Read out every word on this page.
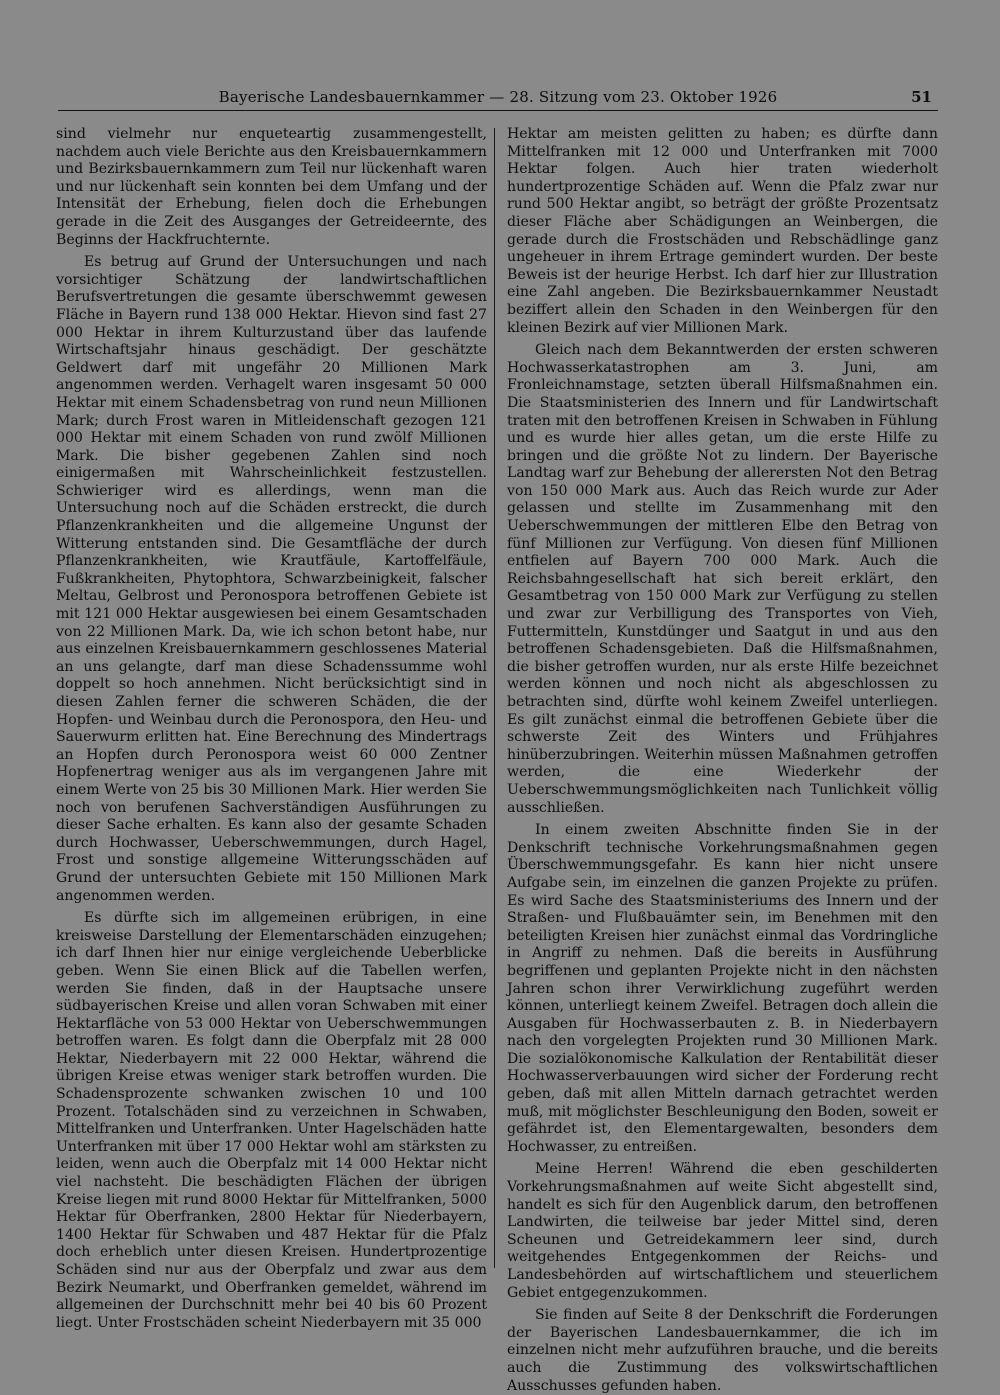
Bayerische Landesbauernkammer — 28. Sitzung vom 23. Oktober 1926	51

sind vielmehr nur enqueteartig zusammengestellt, nachdem auch viele Berichte aus den Kreisbauernkammern und Bezirksbauernkammern zum Teil nur lückenhaft waren und nur lückenhaft sein konnten bei dem Umfang und der Intensität der Erhebung, fielen doch die Erhebungen gerade in die Zeit des Ausganges der Getreideernte, des Beginns der Hackfruchternte.

Es betrug auf Grund der Untersuchungen und nach vorsichtiger Schätzung der landwirtschaftlichen Berufsvertretungen die gesamte überschwemmt gewesen Fläche in Bayern rund 138 000 Hektar. Hievon sind fast 27 000 Hektar in ihrem Kulturzustand über das laufende Wirtschaftsjahr hinaus geschädigt. Der geschätzte Geldwert darf mit ungefähr 20 Millionen Mark angenommen werden. Verhagelt waren insgesamt 50 000 Hektar mit einem Schadensbetrag von rund neun Millionen Mark; durch Frost waren in Mitleidenschaft gezogen 121 000 Hektar mit einem Schaden von rund zwölf Millionen Mark. Die bisher gegebenen Zahlen sind noch einigermaßen mit Wahrscheinlichkeit festzustellen. Schwieriger wird es allerdings, wenn man die Untersuchung noch auf die Schäden erstreckt, die durch Pflanzenkrankheiten und die allgemeine Ungunst der Witterung entstanden sind. Die Gesamtfläche der durch Pflanzenkrankheiten, wie Krautfäule, Kartoffelfäule, Fußkrankheiten, Phytophtora, Schwarzbeinigkeit, falscher Meltau, Gelbrost und Peronospora betroffenen Gebiete ist mit 121 000 Hektar ausgewiesen bei einem Gesamtschaden von 22 Millionen Mark. Da, wie ich schon betont habe, nur aus einzelnen Kreisbauernkammern geschlossenes Material an uns gelangte, darf man diese Schadenssumme wohl doppelt so hoch annehmen. Nicht berücksichtigt sind in diesen Zahlen ferner die schweren Schäden, die der Hopfen- und Weinbau durch die Peronospora, den Heu- und Sauerwurm erlitten hat. Eine Berechnung des Mindertrags an Hopfen durch Peronospora weist 60 000 Zentner Hopfenertrag weniger aus als im vergangenen Jahre mit einem Werte von 25 bis 30 Millionen Mark. Hier werden Sie noch von berufenen Sachverständigen Ausführungen zu dieser Sache erhalten. Es kann also der gesamte Schaden durch Hochwasser, Ueberschwemmungen, durch Hagel, Frost und sonstige allgemeine Witterungsschäden auf Grund der untersuchten Gebiete mit 150 Millionen Mark angenommen werden.

Es dürfte sich im allgemeinen erübrigen, in eine kreisweise Darstellung der Elementarschäden einzugehen; ich darf Ihnen hier nur einige vergleichende Ueberblicke geben. Wenn Sie einen Blick auf die Tabellen werfen, werden Sie finden, daß in der Hauptsache unsere südbayerischen Kreise und allen voran Schwaben mit einer Hektarfläche von 53 000 Hektar von Ueberschwemmungen betroffen waren. Es folgt dann die Oberpfalz mit 28 000 Hektar, Niederbayern mit 22 000 Hektar, während die übrigen Kreise etwas weniger stark betroffen wurden. Die Schadensprozente schwanken zwischen 10 und 100 Prozent. Totalschäden sind zu verzeichnen in Schwaben, Mittelfranken und Unterfranken. Unter Hagelschäden hatte Unterfranken mit über 17 000 Hektar wohl am stärksten zu leiden, wenn auch die Oberpfalz mit 14 000 Hektar nicht viel nachsteht. Die beschädigten Flächen der übrigen Kreise liegen mit rund 8000 Hektar für Mittelfranken, 5000 Hektar für Oberfranken, 2800 Hektar für Niederbayern, 1400 Hektar für Schwaben und 487 Hektar für die Pfalz doch erheblich unter diesen Kreisen. Hundertprozentige Schäden sind nur aus der Oberpfalz und zwar aus dem Bezirk Neumarkt, und Oberfranken gemeldet, während im allgemeinen der Durchschnitt mehr bei 40 bis 60 Prozent liegt. Unter Frostschäden scheint Niederbayern mit 35 000

Hektar am meisten gelitten zu haben; es dürfte dann Mittelfranken mit 12 000 und Unterfranken mit 7000 Hektar folgen. Auch hier traten wiederholt hundertprozentige Schäden auf. Wenn die Pfalz zwar nur rund 500 Hektar angibt, so beträgt der größte Prozentsatz dieser Fläche aber Schädigungen an Weinbergen, die gerade durch die Frostschäden und Rebschädlinge ganz ungeheuer in ihrem Ertrage gemindert wurden. Der beste Beweis ist der heurige Herbst. Ich darf hier zur Illustration eine Zahl angeben. Die Bezirksbauernkammer Neustadt beziffert allein den Schaden in den Weinbergen für den kleinen Bezirk auf vier Millionen Mark.

Gleich nach dem Bekanntwerden der ersten schweren Hochwasserkatastrophen am 3. Juni, am Fronleichnamstage, setzten überall Hilfsmaßnahmen ein. Die Staatsministerien des Innern und für Landwirtschaft traten mit den betroffenen Kreisen in Schwaben in Fühlung und es wurde hier alles getan, um die erste Hilfe zu bringen und die größte Not zu lindern. Der Bayerische Landtag warf zur Behebung der allerersten Not den Betrag von 150 000 Mark aus. Auch das Reich wurde zur Ader gelassen und stellte im Zusammenhang mit den Ueberschwemmungen der mittleren Elbe den Betrag von fünf Millionen zur Verfügung. Von diesen fünf Millionen entfielen auf Bayern 700 000 Mark. Auch die Reichsbahngesellschaft hat sich bereit erklärt, den Gesamtbetrag von 150 000 Mark zur Verfügung zu stellen und zwar zur Verbilligung des Transportes von Vieh, Futtermitteln, Kunstdünger und Saatgut in und aus den betroffenen Schadensgebieten. Daß die Hilfsmaßnahmen, die bisher getroffen wurden, nur als erste Hilfe bezeichnet werden können und noch nicht als abgeschlossen zu betrachten sind, dürfte wohl keinem Zweifel unterliegen. Es gilt zunächst einmal die betroffenen Gebiete über die schwerste Zeit des Winters und Frühjahres hinüberzubringen. Weiterhin müssen Maßnahmen getroffen werden, die eine Wiederkehr der Ueberschwemmungsmöglichkeiten nach Tunlichkeit völlig ausschließen.

In einem zweiten Abschnitte finden Sie in der Denkschrift technische Vorkehrungsmaßnahmen gegen Überschwemmungsgefahr. Es kann hier nicht unsere Aufgabe sein, im einzelnen die ganzen Projekte zu prüfen. Es wird Sache des Staatsministeriums des Innern und der Straßen- und Flußbauämter sein, im Benehmen mit den beteiligten Kreisen hier zunächst einmal das Vordringliche in Angriff zu nehmen. Daß die bereits in Ausführung begriffenen und geplanten Projekte nicht in den nächsten Jahren schon ihrer Verwirklichung zugeführt werden können, unterliegt keinem Zweifel. Betragen doch allein die Ausgaben für Hochwasserbauten z. B. in Niederbayern nach den vorgelegten Projekten rund 30 Millionen Mark. Die sozialökonomische Kalkulation der Rentabilität dieser Hochwasserverbauungen wird sicher der Forderung recht geben, daß mit allen Mitteln darnach getrachtet werden muß, mit möglichster Beschleunigung den Boden, soweit er gefährdet ist, den Elementargewalten, besonders dem Hochwasser, zu entreißen.

Meine Herren! Während die eben geschilderten Vorkehrungsmaßnahmen auf weite Sicht abgestellt sind, handelt es sich für den Augenblick darum, den betroffenen Landwirten, die teilweise bar jeder Mittel sind, deren Scheunen und Getreidekammern leer sind, durch weitgehendes Entgegenkommen der Reichs- und Landesbehörden auf wirtschaftlichem und steuerlichem Gebiet entgegenzukommen.

Sie finden auf Seite 8 der Denkschrift die Forderungen der Bayerischen Landesbauernkammer, die ich im einzelnen nicht mehr aufzuführen brauche, und die bereits auch die Zustimmung des volkswirtschaftlichen Ausschusses gefunden haben.
